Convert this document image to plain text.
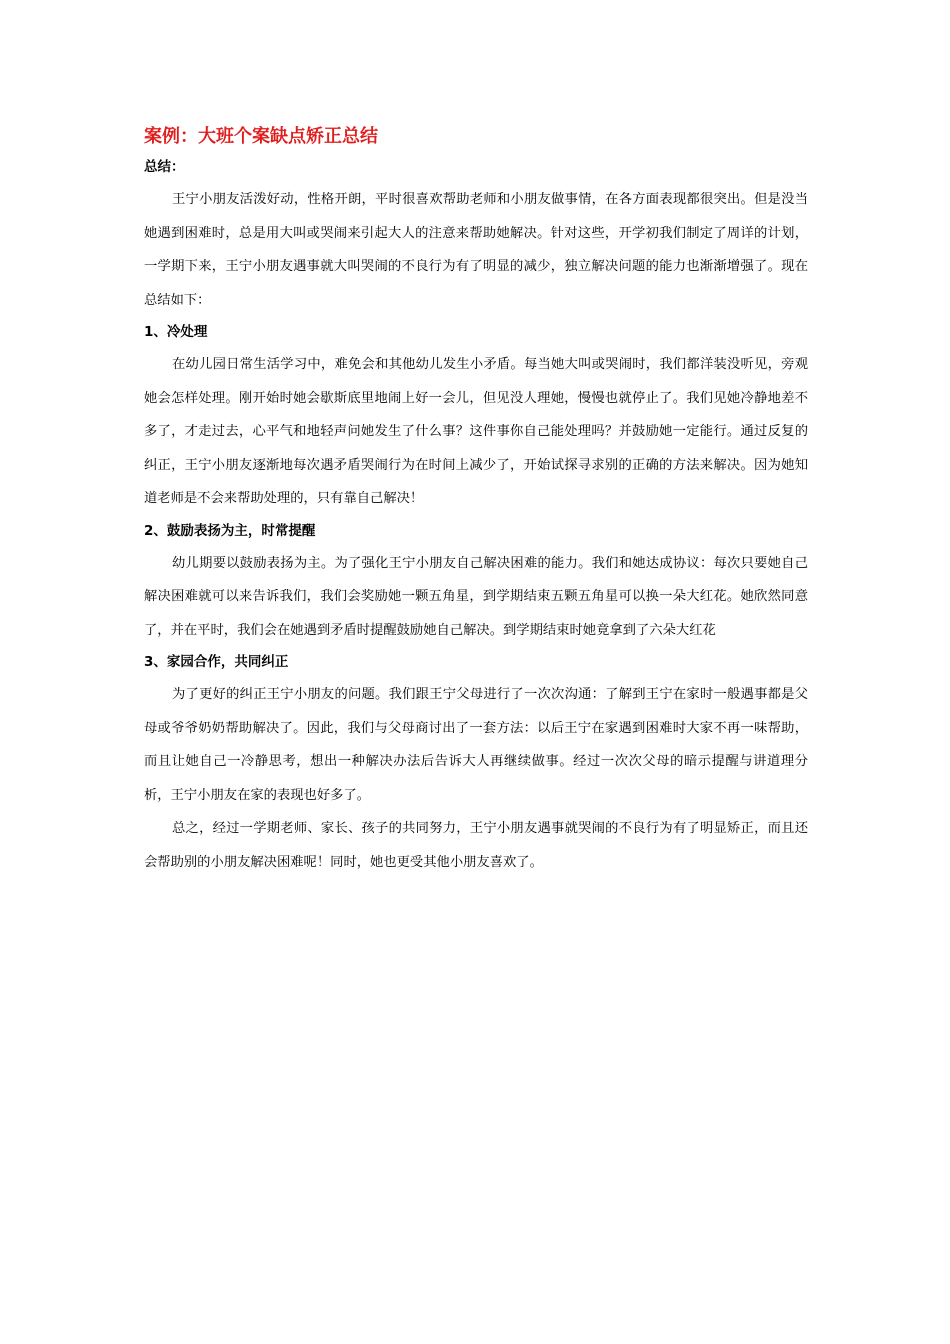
案例：大班个案缺点矫正总结
总结：

王宁小朋友活泼好动，性格开朗，平时很喜欢帮助老师和小朋友做事情，在各方面表现都很突出。但是没当她遇到困难时，总是用大叫或哭闹来引起大人的注意来帮助她解决。针对这些，开学初我们制定了周详的计划，一学期下来，王宁小朋友遇事就大叫哭闹的不良行为有了明显的减少，独立解决问题的能力也渐渐增强了。现在总结如下：

1、冷处理

在幼儿园日常生活学习中，难免会和其他幼儿发生小矛盾。每当她大叫或哭闹时，我们都洋装没听见，旁观她会怎样处理。刚开始时她会歇斯底里地闹上好一会儿，但见没人理她，慢慢也就停止了。我们见她冷静地差不多了，才走过去，心平气和地轻声问她发生了什么事？这件事你自己能处理吗？并鼓励她一定能行。通过反复的纠正，王宁小朋友逐渐地每次遇矛盾哭闹行为在时间上减少了，开始试探寻求别的正确的方法来解决。因为她知道老师是不会来帮助处理的，只有靠自己解决！

2、鼓励表扬为主，时常提醒

幼儿期要以鼓励表扬为主。为了强化王宁小朋友自己解决困难的能力。我们和她达成协议：每次只要她自己解决困难就可以来告诉我们，我们会奖励她一颗五角星，到学期结束五颗五角星可以换一朵大红花。她欣然同意了，并在平时，我们会在她遇到矛盾时提醒鼓励她自己解决。到学期结束时她竟拿到了六朵大红花

3、家园合作，共同纠正

为了更好的纠正王宁小朋友的问题。我们跟王宁父母进行了一次次沟通：了解到王宁在家时一般遇事都是父母或爷爷奶奶帮助解决了。因此，我们与父母商讨出了一套方法：以后王宁在家遇到困难时大家不再一味帮助，而且让她自己一冷静思考，想出一种解决办法后告诉大人再继续做事。经过一次次父母的暗示提醒与讲道理分析，王宁小朋友在家的表现也好多了。

总之，经过一学期老师、家长、孩子的共同努力，王宁小朋友遇事就哭闹的不良行为有了明显矫正，而且还会帮助别的小朋友解决困难呢！同时，她也更受其他小朋友喜欢了。
